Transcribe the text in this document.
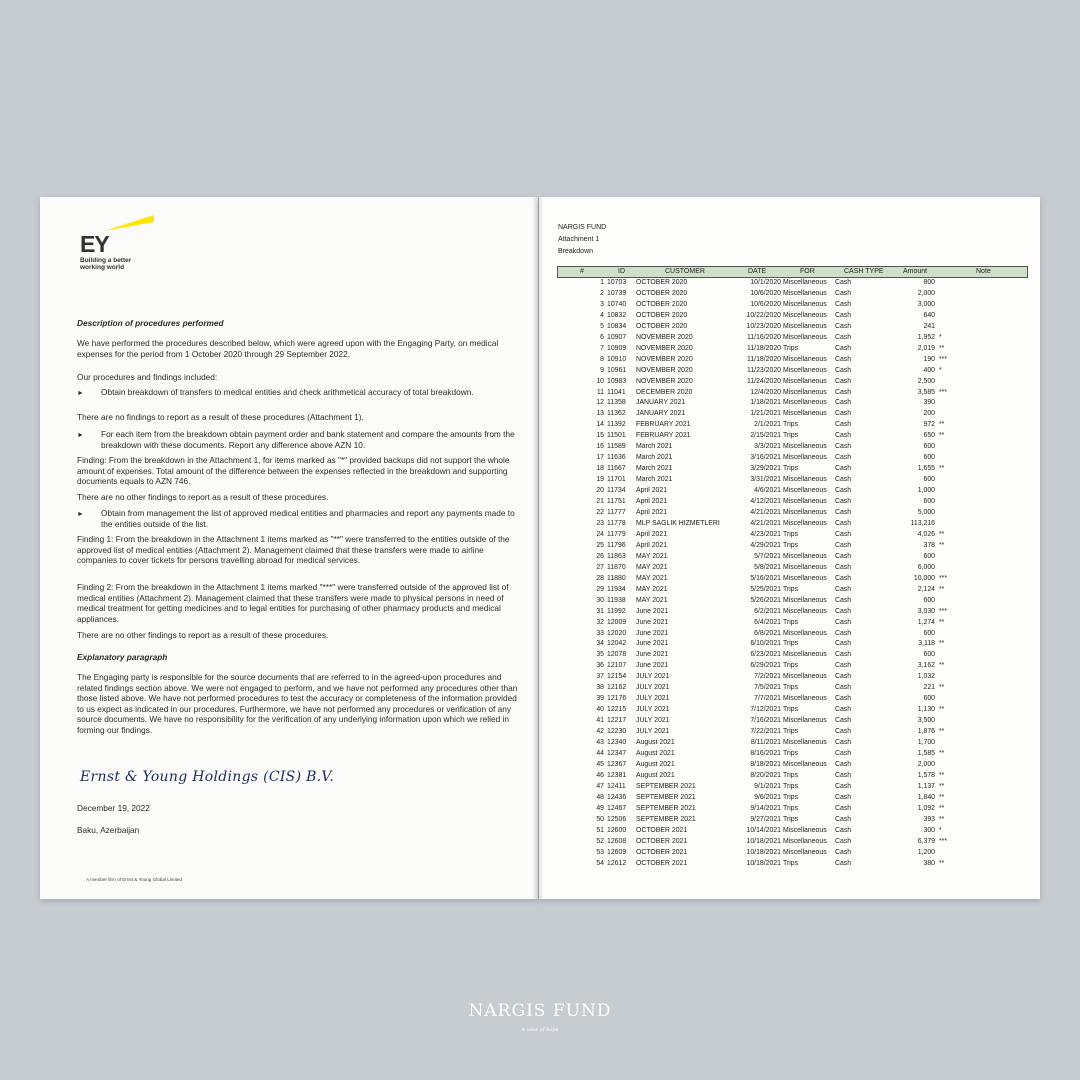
EY
Building a better
working world

Description of procedures performed

We have performed the procedures described below, which were agreed upon with the Engaging Party, on medical expenses for the period from 1 October 2020 through 29 September 2022.

Our procedures and findings included:

► Obtain breakdown of transfers to medical entities and check arithmetical accuracy of total breakdown.

There are no findings to report as a result of these procedures (Attachment 1).

► For each item from the breakdown obtain payment order and bank statement and compare the amounts from the breakdown with these documents. Report any difference above AZN 10.

Finding: From the breakdown in the Attachment 1, for items marked as "*" provided backups did not support the whole amount of expenses. Total amount of the difference between the expenses reflected in the breakdown and supporting documents equals to AZN 746.

There are no other findings to report as a result of these procedures.

► Obtain from management the list of approved medical entities and pharmacies and report any payments made to the entities outside of the list.

Finding 1: From the breakdown in the Attachment 1 items marked as "**" were transferred to the entities outside of the approved list of medical entities (Attachment 2). Management claimed that these transfers were made to airline companies to cover tickets for persons travelling abroad for medical services.

Finding 2: From the breakdown in the Attachment 1 items marked "***" were transferred outside of the approved list of medical entities (Attachment 2). Management claimed that these transfers were made to physical persons in need of medical treatment for getting medicines and to legal entities for purchasing of other pharmacy products and medical appliances.

There are no other findings to report as a result of these procedures.

Explanatory paragraph

The Engaging party is responsible for the source documents that are referred to in the agreed-upon procedures and related findings section above. We were not engaged to perform, and we have not performed any procedures other than those listed above. We have not performed procedures to test the accuracy or completeness of the information provided to us expect as indicated in our procedures. Furthermore, we have not performed any procedures or verification of any source documents. We have no responsibility for the verification of any underlying information upon which we relied in forming our findings.

Ernst & Young Holdings (CIS) B.V.

December 19, 2022

Baku, Azerbaijan

A member firm of Ernst & Young Global Limited
NARGIS FUND
Attachment 1
Breakdown
#	ID	CUSTOMER	DATE	FOR	CASH TYPE	Amount	Note
1 10703 OCTOBER 2020	10/1/2020 Miscellaneous Cash	800
2 10739 OCTOBER 2020	10/6/2020 Miscellaneous Cash	2,000
3 10740 OCTOBER 2020	10/6/2020 Miscellaneous Cash	3,000
4 10832 OCTOBER 2020	10/22/2020 Miscellaneous Cash	640
5 10834 OCTOBER 2020	10/23/2020 Miscellaneous Cash	241
6 10907 NOVEMBER 2020	11/16/2020 Miscellaneous Cash	1,952 *
7 10909 NOVEMBER 2020	11/18/2020 Trips	Cash	2,019 **
8 10910 NOVEMBER 2020	11/18/2020 Miscellaneous Cash	190 ***
9 10961 NOVEMBER 2020	11/23/2020 Miscellaneous Cash	400 *
10 10983 NOVEMBER 2020	11/24/2020 Miscellaneous Cash	2,500
11 11041 DECEMBER 2020	12/4/2020 Miscellaneous Cash	3,585 ***
12 11358 JANUARY 2021	1/18/2021 Miscellaneous Cash	390
13 11362 JANUARY 2021	1/21/2021 Miscellaneous Cash	200
14 11392 FEBRUARY 2021	2/1/2021 Trips	Cash	972 **
15 11501 FEBRUARY 2021	2/15/2021 Trips	Cash	650 **
16 11589 March 2021	3/3/2021 Miscellaneous Cash	600
17 11636 March 2021	3/16/2021 Miscellaneous Cash	600
18 11667 March 2021	3/29/2021 Trips	Cash	1,655 **
19 11701 March 2021	3/31/2021 Miscellaneous Cash	600
20 11734 April 2021	4/6/2021 Miscellaneous Cash	1,000
21 11751 April 2021	4/12/2021 Miscellaneous Cash	600
22 11777 April 2021	4/21/2021 Miscellaneous Cash	5,000
23 11778 MLP SAGLIK HIZMETLERI	4/21/2021 Miscellaneous Cash	113,216
24 11779 April 2021	4/23/2021 Trips	Cash	4,026 **
25 11796 April 2021	4/29/2021 Trips	Cash	378 **
26 11863 MAY 2021	5/7/2021 Miscellaneous Cash	600
27 11870 MAY 2021	5/8/2021 Miscellaneous Cash	6,000
28 11880 MAY 2021	5/16/2021 Miscellaneous Cash	10,000 ***
29 11934 MAY 2021	5/25/2021 Trips	Cash	2,124 **
30 11938 MAY 2021	5/26/2021 Miscellaneous Cash	600
31 11992 June 2021	6/2/2021 Miscellaneous Cash	3,030 ***
32 12009 June 2021	6/4/2021 Trips	Cash	1,274 **
33 12020 June 2021	6/8/2021 Miscellaneous Cash	600
34 12042 June 2021	6/10/2021 Trips	Cash	3,118 **
35 12078 June 2021	6/23/2021 Miscellaneous Cash	600
36 12107 June 2021	6/29/2021 Trips	Cash	3,162 **
37 12154 JULY 2021	7/2/2021 Miscellaneous Cash	1,032
38 12162 JULY 2021	7/5/2021 Trips	Cash	221 **
39 12176 JULY 2021	7/7/2021 Miscellaneous Cash	600
40 12215 JULY 2021	7/12/2021 Trips	Cash	1,130 **
41 12217 JULY 2021	7/16/2021 Miscellaneous Cash	3,500
42 12230 JULY 2021	7/22/2021 Trips	Cash	1,876 **
43 12340 August 2021	8/11/2021 Miscellaneous Cash	1,700
44 12347 August 2021	8/16/2021 Trips	Cash	1,585 **
45 12367 August 2021	8/18/2021 Miscellaneous Cash	2,000
46 12381 August 2021	8/20/2021 Trips	Cash	1,578 **
47 12411 SEPTEMBER 2021	9/1/2021 Trips	Cash	1,137 **
48 12436 SEPTEMBER 2021	9/6/2021 Trips	Cash	1,840 **
49 12467 SEPTEMBER 2021	9/14/2021 Trips	Cash	1,092 **
50 12506 SEPTEMBER 2021	9/27/2021 Trips	Cash	393 **
51 12600 OCTOBER 2021	10/14/2021 Miscellaneous Cash	300 *
52 12608 OCTOBER 2021	10/18/2021 Miscellaneous Cash	6,379 ***
53 12609 OCTOBER 2021	10/18/2021 Miscellaneous Cash	1,200
54 12612 OCTOBER 2021	10/18/2021 Trips	Cash	380 **
NARGIS FUND
A view of hope
